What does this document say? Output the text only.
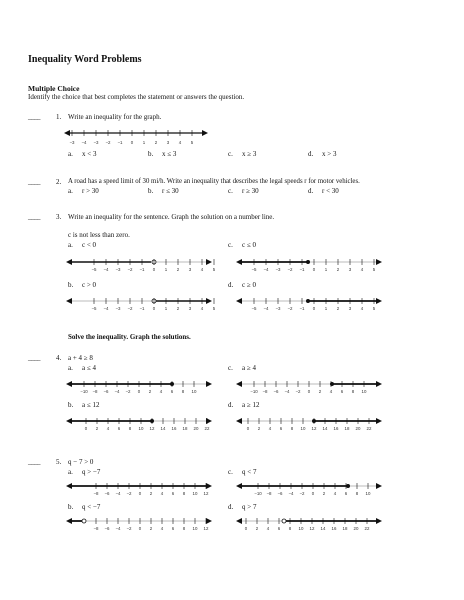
Inequality Word Problems
Multiple Choice
Identify the choice that best completes the statement or answers the question.
____ 1. Write an inequality for the graph.
−3 −4 −3 −2 −1 0 1 2 3 4 5
a. x < 3	b. x ≤ 3	c. x ≥ 3	d. x > 3
____ 2. A road has a speed limit of 30 mi/h. Write an inequality that describes the legal speeds r for motor vehicles.
a. r > 30	b. r ≤ 30	c. r ≥ 30	d. r < 30
____ 3. Write an inequality for the sentence. Graph the solution on a number line.
c is not less than zero.
a. c < 0
−5 −4 −3 −2 −1 0 1 2 3 4 5
c. c ≤ 0
−5 −4 −3 −2 −1 0 1 2 3 4 5
b. c > 0
−5 −4 −3 −2 −1 0 1 2 3 4 5
d. c ≥ 0
−5 −4 −3 −2 −1 0 1 2 3 4 5
Solve the inequality. Graph the solutions.
____ 4. a + 4 ≥ 8
a. a ≤ 4
−10 −8 −6 −4 −2 0 2 4 6 8 10
c. a ≥ 4
−10 −8 −6 −4 −2 0 2 4 6 8 10
b. a ≤ 12
0 2 4 6 8 10 12 14 16 18 20 22
d. a ≥ 12
0 2 4 6 8 10 12 14 16 18 20 22
____ 5. q − 7 > 0
a. q > −7
−8 −6 −4 −2 0 2 4 6 8 10 12
c. q < 7
−10 −8 −6 −4 −2 0 2 4 6 8 10
b. q < −7
−8 −6 −4 −2 0 2 4 6 8 10 12
d. q > 7
0 2 4 6 8 10 12 14 16 18 20 22
